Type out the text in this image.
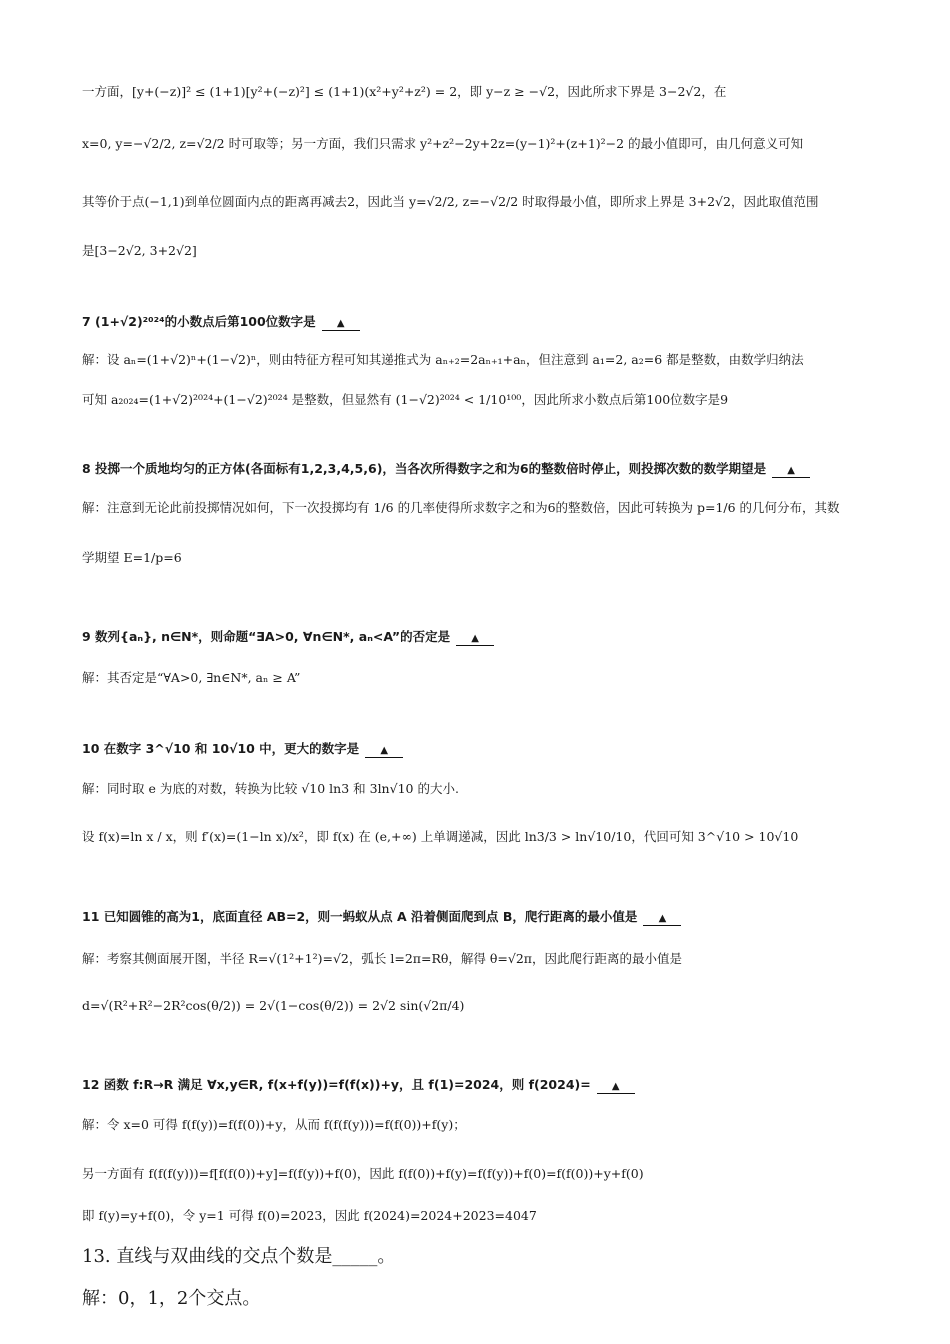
一方面，[y+(−z)]² ≤ (1+1)[y²+(−z)²] ≤ (1+1)(x²+y²+z²) = 2，即 y−z ≥ −√2，因此所求下界是 3−2√2，在
x=0, y=−√2/2, z=√2/2 时可取等；另一方面，我们只需求 y²+z²−2y+2z=(y−1)²+(z+1)²−2 的最小值即可，由几何意义可知
其等价于点(−1,1)到单位圆面内点的距离再减去2，因此当 y=√2/2, z=−√2/2 时取得最小值，即所求上界是 3+2√2，因此取值范围
是[3−2√2, 3+2√2]
7 (1+√2)²⁰²⁴的小数点后第100位数字是 ▲
解：设 aₙ=(1+√2)ⁿ+(1−√2)ⁿ，则由特征方程可知其递推式为 aₙ₊₂=2aₙ₊₁+aₙ，但注意到 a₁=2, a₂=6 都是整数，由数学归纳法
可知 a₂₀₂₄=(1+√2)²⁰²⁴+(1−√2)²⁰²⁴ 是整数，但显然有 (1−√2)²⁰²⁴ < 1/10¹⁰⁰，因此所求小数点后第100位数字是9
8 投掷一个质地均匀的正方体(各面标有1,2,3,4,5,6)，当各次所得数字之和为6的整数倍时停止，则投掷次数的数学期望是 ▲
解：注意到无论此前投掷情况如何，下一次投掷均有 1/6 的几率使得所求数字之和为6的整数倍，因此可转换为 p=1/6 的几何分布，其数
学期望 E=1/p=6
9 数列{aₙ}, n∈N*，则命题“∃A>0, ∀n∈N*, aₙ<A”的否定是 ▲
解：其否定是“∀A>0, ∃n∈N*, aₙ ≥ A”
10 在数字 3^√10 和 10√10 中，更大的数字是 ▲
解：同时取 e 为底的对数，转换为比较 √10 ln3 和 3ln√10 的大小.
设 f(x)=ln x / x，则 f′(x)=(1−ln x)/x²，即 f(x) 在 (e,+∞) 上单调递减，因此 ln3/3 > ln√10/10，代回可知 3^√10 > 10√10
11 已知圆锥的高为1，底面直径 AB=2，则一蚂蚁从点 A 沿着侧面爬到点 B，爬行距离的最小值是 ▲
解：考察其侧面展开图，半径 R=√(1²+1²)=√2，弧长 l=2π=Rθ，解得 θ=√2π，因此爬行距离的最小值是
d=√(R²+R²−2R²cos(θ/2)) = 2√(1−cos(θ/2)) = 2√2 sin(√2π/4)
12 函数 f:R→R 满足 ∀x,y∈R, f(x+f(y))=f(f(x))+y，且 f(1)=2024，则 f(2024)= ▲
解：令 x=0 可得 f(f(y))=f(f(0))+y，从而 f(f(f(y)))=f(f(0))+f(y)；
另一方面有 f(f(f(y)))=f[f(f(0))+y]=f(f(y))+f(0)，因此 f(f(0))+f(y)=f(f(y))+f(0)=f(f(0))+y+f(0)
即 f(y)=y+f(0)，令 y=1 可得 f(0)=2023，因此 f(2024)=2024+2023=4047
13. 直线与双曲线的交点个数是_____。
解：0，1，2个交点。
